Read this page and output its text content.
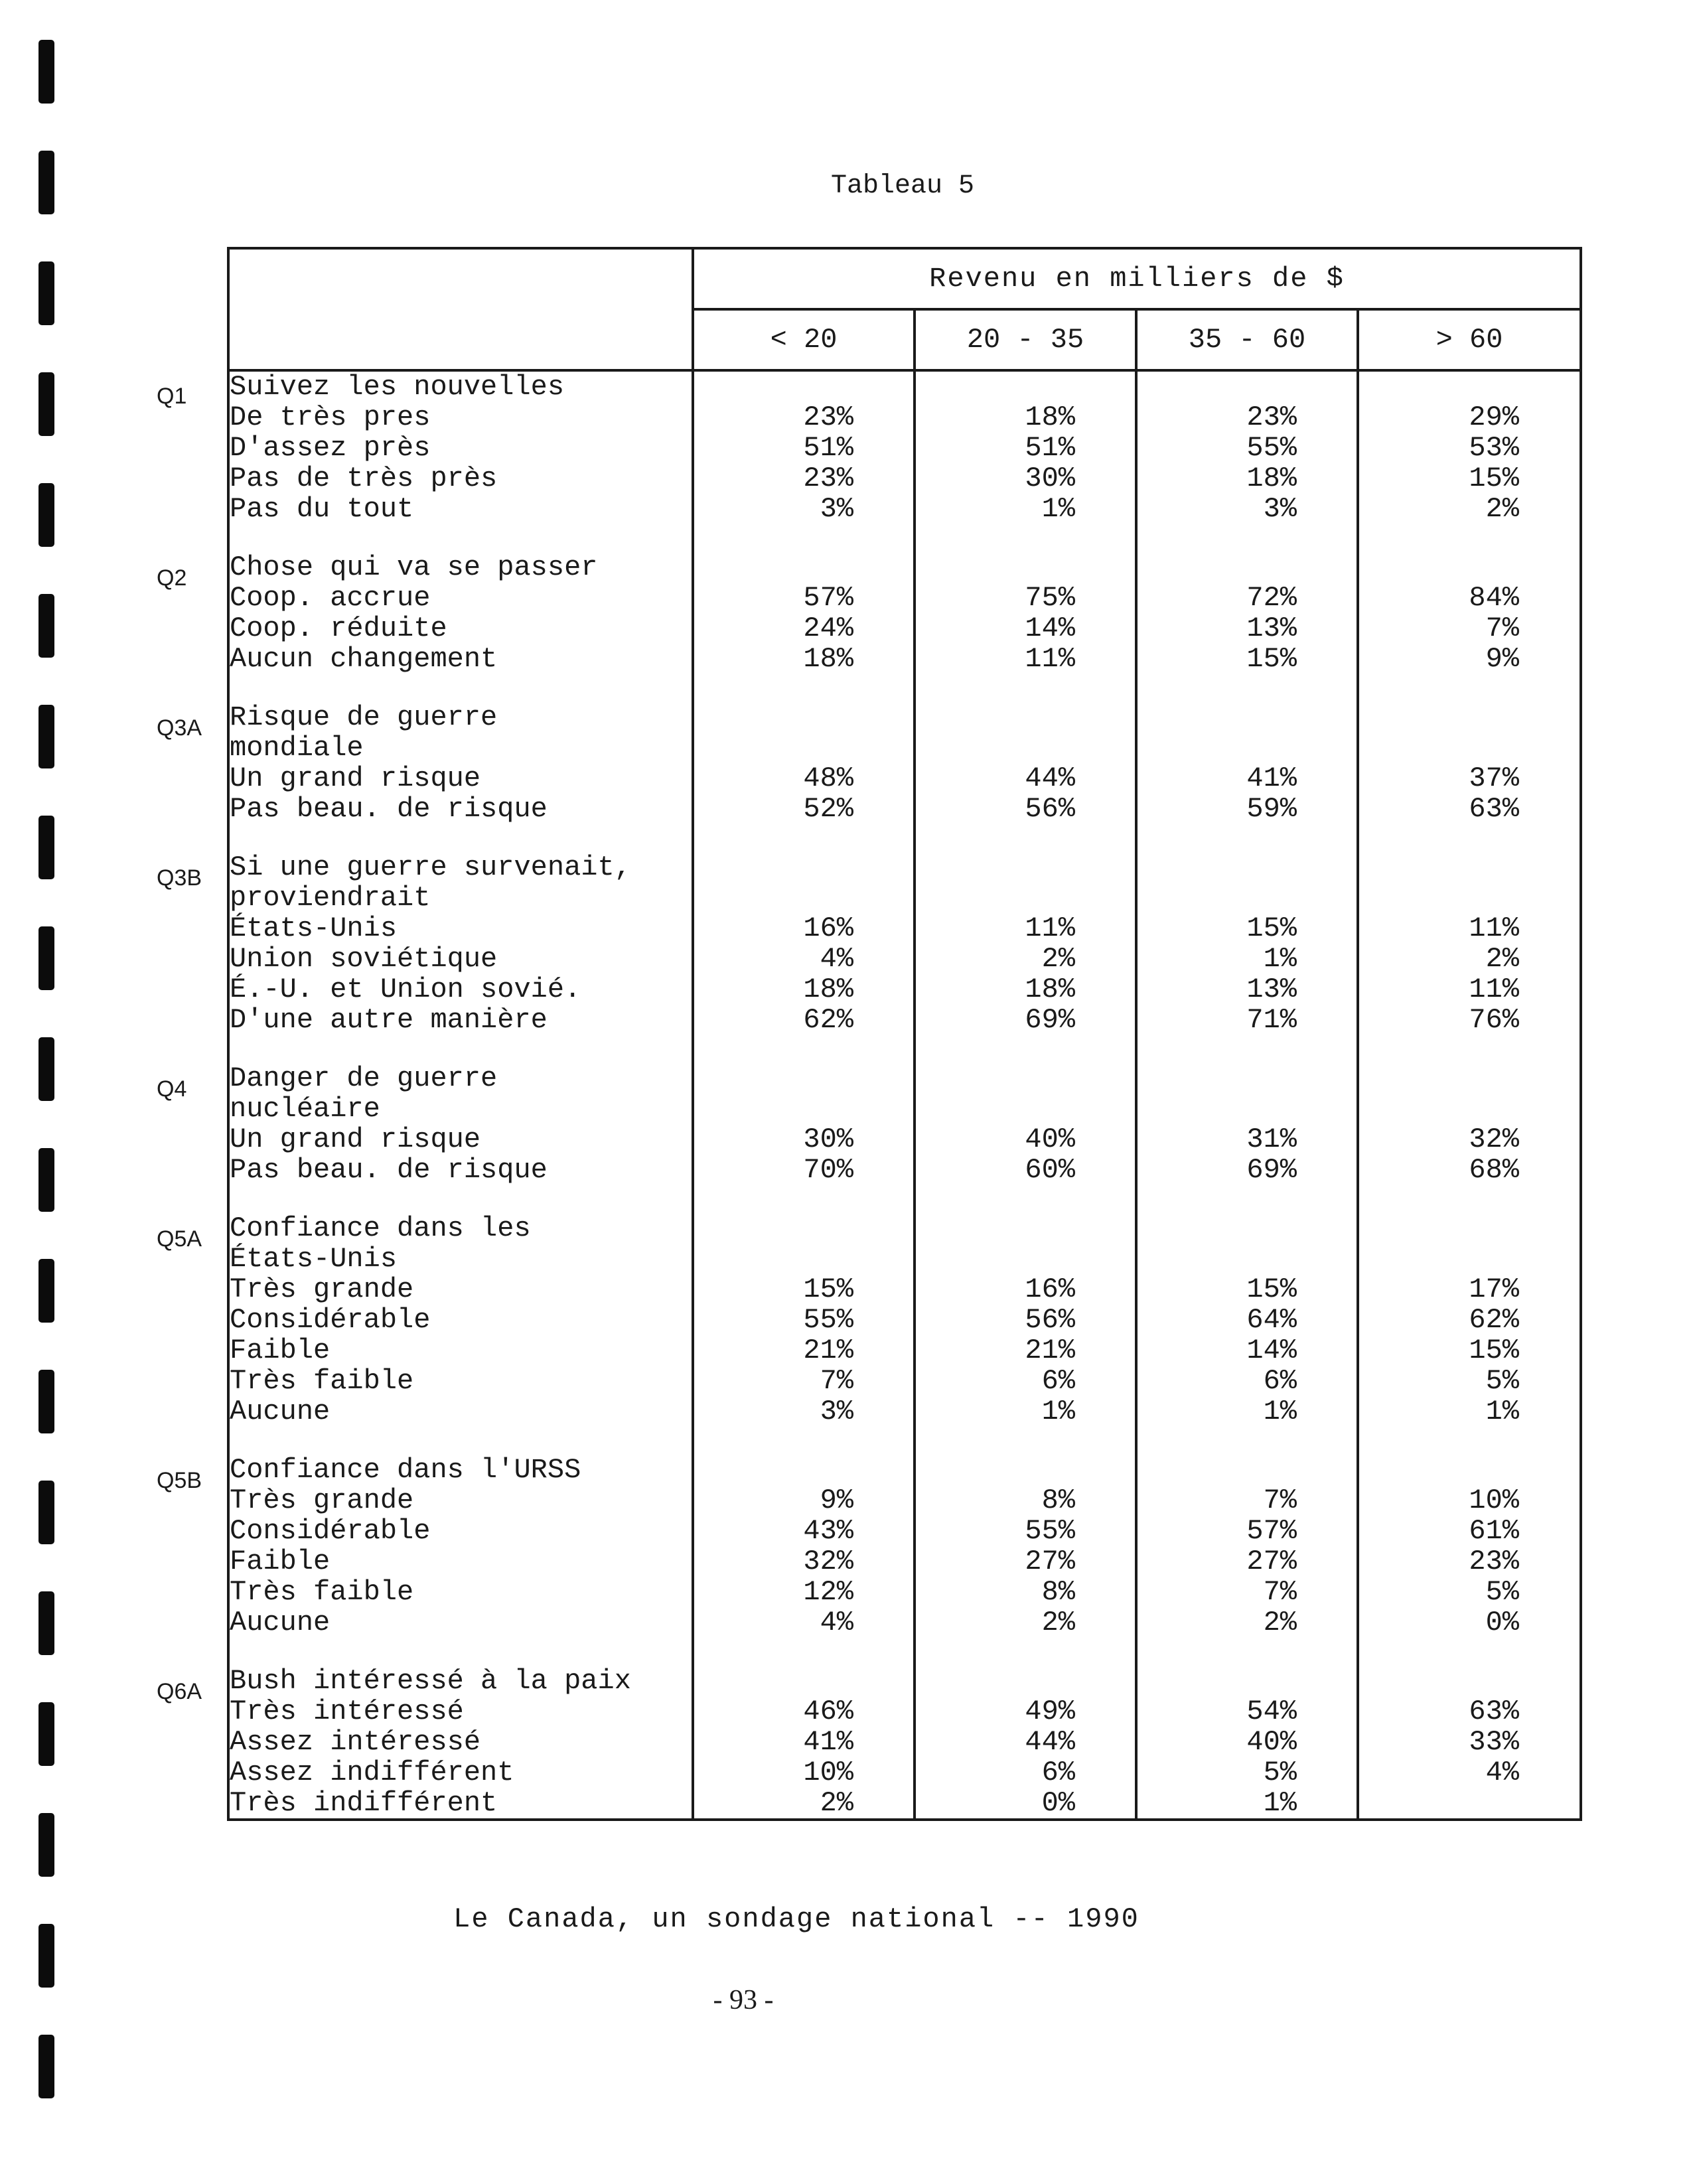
Tableau 5
	Revenu en milliers de $			
	< 20	20 - 35	35 - 60	> 60
Suivez les nouvelles				
De très pres	23%	18%	23%	29%
D'assez près	51%	51%	55%	53%
Pas de très près	23%	30%	18%	15%
Pas du tout	3%	1%	3%	2%

Chose qui va se passer				
Coop. accrue	57%	75%	72%	84%
Coop. réduite	24%	14%	13%	7%
Aucun changement	18%	11%	15%	9%

Risque de guerre				
mondiale				
Un grand risque	48%	44%	41%	37%
Pas beau. de risque	52%	56%	59%	63%

Si une guerre survenait,				
proviendrait				
États-Unis	16%	11%	15%	11%
Union soviétique	4%	2%	1%	2%
É.-U. et Union sovié.	18%	18%	13%	11%
D'une autre manière	62%	69%	71%	76%

Danger de guerre				
nucléaire				
Un grand risque	30%	40%	31%	32%
Pas beau. de risque	70%	60%	69%	68%

Confiance dans les				
États-Unis				
Très grande	15%	16%	15%	17%
Considérable	55%	56%	64%	62%
Faible	21%	21%	14%	15%
Très faible	7%	6%	6%	5%
Aucune	3%	1%	1%	1%

Confiance dans l'URSS				
Très grande	9%	8%	7%	10%
Considérable	43%	55%	57%	61%
Faible	32%	27%	27%	23%
Très faible	12%	8%	7%	5%
Aucune	4%	2%	2%	0%

Bush intéressé à la paix				
Très intéressé	46%	49%	54%	63%
Assez intéressé	41%	44%	40%	33%
Assez indifférent	10%	6%	5%	4%
Très indifférent	2%	0%	1%	
Q1
Q2
Q3A
Q3B
Q4
Q5A
Q5B
Q6A
Le Canada, un sondage national -- 1990
- 93 -
